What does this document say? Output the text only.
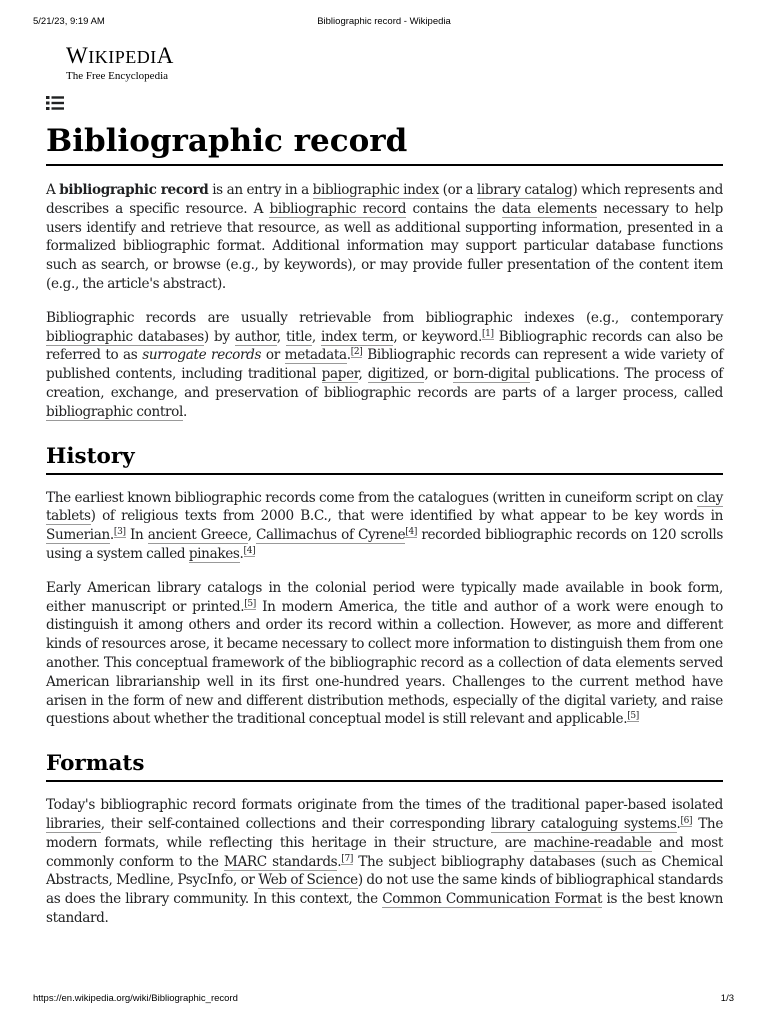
5/21/23, 9:19 AM	Bibliographic record - Wikipedia
WIKIPEDIA
The Free Encyclopedia
Bibliographic record

A bibliographic record is an entry in a bibliographic index (or a library catalog) which represents and describes a specific resource. A bibliographic record contains the data elements necessary to help users identify and retrieve that resource, as well as additional supporting information, presented in a formalized bibliographic format. Additional information may support particular database functions such as search, or browse (e.g., by keywords), or may provide fuller presentation of the content item (e.g., the article's abstract).

Bibliographic records are usually retrievable from bibliographic indexes (e.g., contemporary bibliographic databases) by author, title, index term, or keyword.[1] Bibliographic records can also be referred to as surrogate records or metadata.[2] Bibliographic records can represent a wide variety of published contents, including traditional paper, digitized, or born-digital publications. The process of creation, exchange, and preservation of bibliographic records are parts of a larger process, called bibliographic control.

History

The earliest known bibliographic records come from the catalogues (written in cuneiform script on clay tablets) of religious texts from 2000 B.C., that were identified by what appear to be key words in Sumerian.[3] In ancient Greece, Callimachus of Cyrene[4] recorded bibliographic records on 120 scrolls using a system called pinakes.[4]

Early American library catalogs in the colonial period were typically made available in book form, either manuscript or printed.[5] In modern America, the title and author of a work were enough to distinguish it among others and order its record within a collection. However, as more and different kinds of resources arose, it became necessary to collect more information to distinguish them from one another. This conceptual framework of the bibliographic record as a collection of data elements served American librarianship well in its first one-hundred years. Challenges to the current method have arisen in the form of new and different distribution methods, especially of the digital variety, and raise questions about whether the traditional conceptual model is still relevant and applicable.[5]

Formats

Today's bibliographic record formats originate from the times of the traditional paper-based isolated libraries, their self-contained collections and their corresponding library cataloguing systems.[6] The modern formats, while reflecting this heritage in their structure, are machine-readable and most commonly conform to the MARC standards.[7] The subject bibliography databases (such as Chemical Abstracts, Medline, PsycInfo, or Web of Science) do not use the same kinds of bibliographical standards as does the library community. In this context, the Common Communication Format is the best known standard.

https://en.wikipedia.org/wiki/Bibliographic_record	1/3
